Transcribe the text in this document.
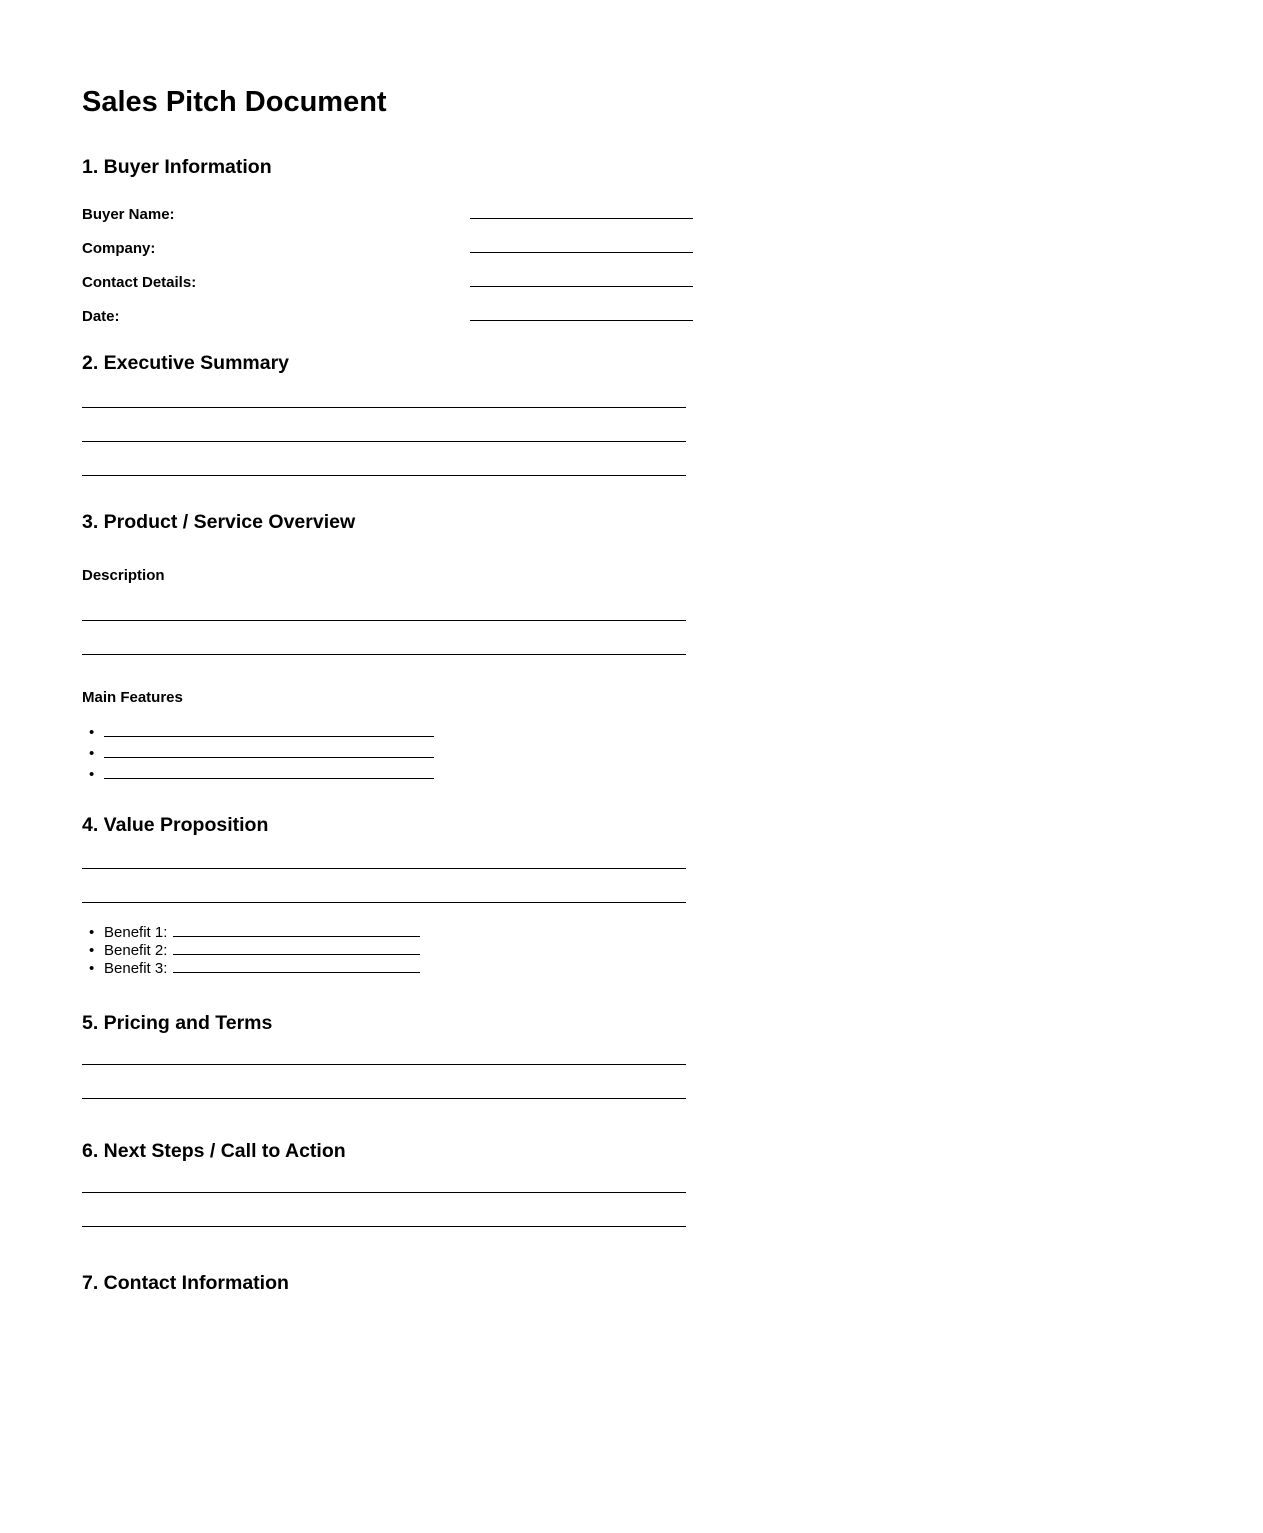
Sales Pitch Document
1. Buyer Information
Buyer Name:
Company:
Contact Details:
Date:
2. Executive Summary
3. Product / Service Overview

Description

Main Features

•
•
•
4. Value Proposition
• Benefit 1:
• Benefit 2:
• Benefit 3:
5. Pricing and Terms
6. Next Steps / Call to Action
7. Contact Information
